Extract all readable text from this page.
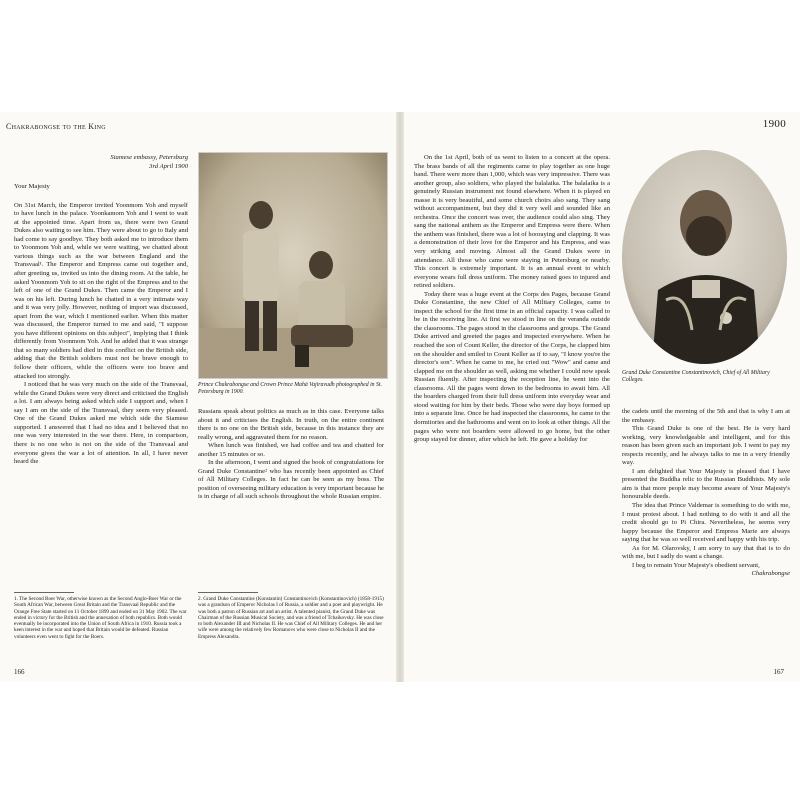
Chakrabongse to the King
Siamese embassy, Petersburg
3rd April 1900
Your Majesty

On 31st March, the Emperor invited Yoonmom Yoh and myself to have lunch in the palace. Yoonkamom Yoh and I went to wait at the appointed time. Apart from us, there were two Grand Dukes also waiting to see him. They were about to go to Italy and had come to say goodbye. They both asked me to introduce them to Yoonmom Yoh and, while we were waiting, we chatted about various things such as the war between England and the Transvaal¹. The Emperor and Empress came out together and, after greeting us, invited us into the dining room. At the table, he asked Yoonmom Yoh to sit on the right of the Empress and to the left of one of the Grand Dukes. Then came the Emperor and I was on his left. During lunch he chatted in a very intimate way and it was very jolly. However, nothing of import was discussed, apart from the war, which I mentioned earlier. When this matter was discussed, the Emperor turned to me and said, "I suppose you have different opinions on this subject", implying that I think differently from Yoonmom Yoh. And he added that it was strange that so many soldiers had died in this conflict on the British side, adding that the British soldiers must not be brave enough to follow their officers, while the officers were too brave and attacked too strongly.

I noticed that he was very much on the side of the Transvaal, while the Grand Dukes were very direct and criticised the English a lot. I am always being asked which side I support and, when I say I am on the side of the Transvaal, they seem very pleased. One of the Grand Dukes asked me which side the Siamese supported. I answered that I had no idea and I believed that no one was very interested in the war there. Here, in comparison, there is no one who is not on the side of the Transvaal and everyone gives the war a lot of attention. In all, I have never heard the

Prince Chakrabongse and Crown Prince Mahā Vajiravudh photographed in St. Petersburg in 1900.

Russians speak about politics as much as in this case. Everyone talks about it and criticises the English. In truth, on the entire continent there is no one on the British side, because in this instance they are really wrong, and aggravated them for no reason.

When lunch was finished, we had coffee and tea and chatted for another 15 minutes or so.

In the afternoon, I went and signed the book of congratulations for Grand Duke Constantine² who has recently been appointed as Chief of All Military Colleges. In fact he can be seen as my boss. The position of overseeing military education is very important because he is in charge of all such schools throughout the whole Russian empire.

1. The Second Boer War, otherwise known as the Second Anglo-Boer War or the South African War, between Great Britain and the Transvaal Republic and the Orange Free State started on 11 October 1899 and ended on 31 May 1902. The war ended in victory for the British and the annexation of both republics. Both would eventually be incorporated into the Union of South Africa in 1910. Russia took a keen interest in the war and hoped that Britain would be defeated. Russian volunteers even went to fight for the Boers.
2. Grand Duke Constantine (Konstantin) Constantinovich (Konstantinovich) (1858-1915) was a grandson of Emperor Nicholas I of Russia, a soldier and a poet and playwright. He was both a patron of Russian art and an artist. A talented pianist, the Grand Duke was Chairman of the Russian Musical Society, and was a friend of Tchaikovsky. He was close to both Alexander III and Nicholas II. He was Chief of All Military Colleges. He and her wife were among the relatively few Romanovs who were close to Nicholas II and the Empress Alexandra.
166
1900

On the 1st April, both of us went to listen to a concert at the opera. The brass bands of all the regiments came to play together as one huge band. There were more than 1,000, which was very impressive. There was another group, also soldiers, who played the balalaika. The balalaika is a genuinely Russian instrument not found elsewhere. When it is played en masse it is very beautiful, and some church choirs also sang. They sang without accompaniment, but they did it very well and sounded like an orchestra. Once the concert was over, the audience could also sing. They sang the national anthem as the Emperor and Empress were there. When the anthem was finished, there was a lot of hooraying and clapping. It was a demonstration of their love for the Emperor and his Empress, and was very striking and moving. Almost all the Grand Dukes were in attendance. All those who came were staying in Petersburg or nearby. This concert is extremely important. It is an annual event to which everyone wears full dress uniform. The money raised goes to injured and retired soldiers.

Today there was a huge event at the Corps des Pages, because Grand Duke Constantine, the new Chief of All Military Colleges, came to inspect the school for the first time in an official capacity. I was called to be in the receiving line. At first we stood in line on the veranda outside the classrooms. The pages stood in the classrooms and groups. The Grand Duke arrived and greeted the pages and inspected everywhere. When he reached the son of Count Keller, the director of the Corps, he clapped him on the shoulder and smiled to Count Keller as if to say, "I know you're the director's son". When he came to me, he cried out "Wow" and came and clapped me on the shoulder as well, asking me whether I could now speak Russian fluently. After inspecting the reception line, he went into the classrooms. All the pages went down to the bedrooms to await him. All the boarders charged from their full dress uniform into everyday wear and stood waiting for him by their beds. Those who were day boys formed up into a separate line. Once he had inspected the classrooms, he came to the dormitories and the bathrooms and went on to look at other things. All the pages who were not boarders were allowed to go home, but the other group stayed for dinner, after which he left. He gave a holiday for

Grand Duke Constantine Constantinovich, Chief of All Military Colleges.

the cadets until the morning of the 5th and that is why I am at the embassy.

This Grand Duke is one of the best. He is very hard working, very knowledgeable and intelligent, and for this reason has been given such an important job. I went to pay my respects recently, and he always talks to me in a very friendly way.

I am delighted that Your Majesty is pleased that I have presented the Buddha relic to the Russian Buddhists. My sole aim is that more people may become aware of Your Majesty's honourable deeds.

The idea that Prince Valdemar is something to do with me, I must protest about. I had nothing to do with it and all the credit should go to Pi Chira. Nevertheless, he seems very happy because the Emperor and Empress Marie are always saying that he was so well received and happy with his trip.

As for M. Olarovsky, I am sorry to say that that is to do with me, but I sadly do want a change.

I beg to remain Your Majesty's obedient servant,

Chakrabongse
167
